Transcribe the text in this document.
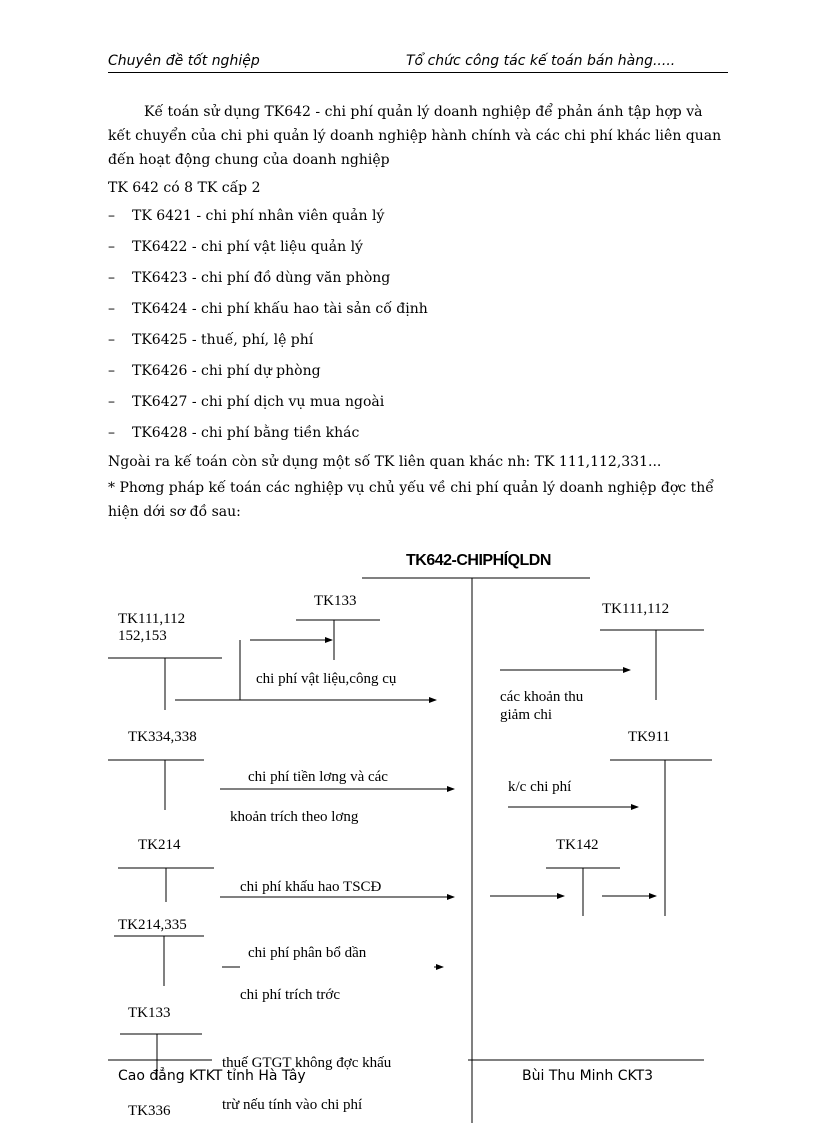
Chuyên đề tốt nghiệp	Tổ chức công tác kế toán bán hàng.....
Kế toán sử dụng TK642 - chi phí quản lý doanh nghiệp để phản ánh tập hợp và kết chuyển của chi phi quản lý doanh nghiệp hành chính và các chi phí khác liên quan đến hoạt động chung của doanh nghiệp
TK 642 có 8 TK cấp 2
– TK 6421 - chi phí nhân viên quản lý
– TK6422 - chi phí vật liệu quản lý
– TK6423 - chi phí đồ dùng văn phòng
– TK6424 - chi phí khấu hao tài sản cố định
– TK6425 - thuế, phí, lệ phí
– TK6426 - chi phí dự phòng
– TK6427 - chi phí dịch vụ mua ngoài
– TK6428 - chi phí bằng tiền khác
Ngoài ra kế toán còn sử dụng một số TK liên quan khác nh: TK 111,112,331...
* Phơng pháp kế toán các nghiệp vụ chủ yếu về chi phí quản lý doanh nghiệp đợc thể
hiện dới sơ đồ sau:
TK642-CHIPHÍQLDN
TK111,112
152,153
TK133
TK334,338
TK214
TK214,335
TK133
TK336
chi phí vật liệu,công cụ
chi phí tiền lơng và các
khoản trích theo lơng
chi phí khấu hao TSCĐ
chi phí phân bổ dần
chi phí trích trớc
thuế GTGT không đợc khấu
trừ nếu tính vào chi phí
TK111,112
TK911
TK142
các khoản thu
giảm chi
k/c chi phí
Cao đẳng KTKT tỉnh Hà Tây	Bùi Thu Minh CKT3
